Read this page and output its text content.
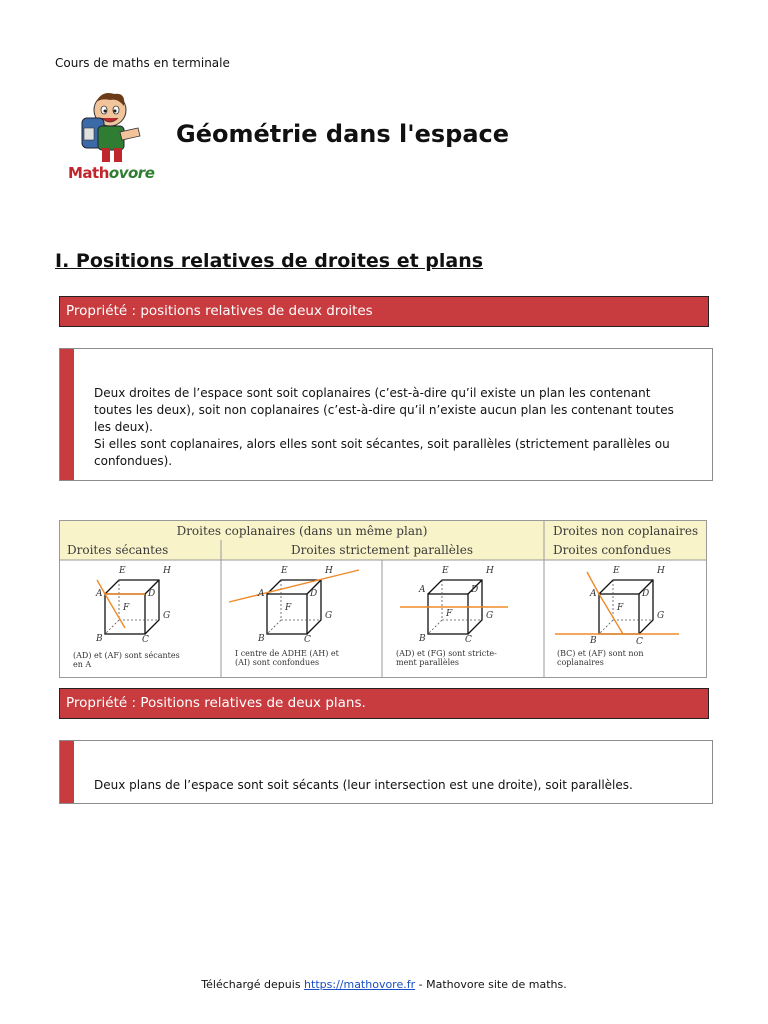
Cours de maths en terminale
Mathovore
Géométrie dans l'espace
I. Positions relatives de droites et plans
Propriété : positions relatives de deux droites
Deux droites de l’espace sont soit coplanaires (c’est-à-dire qu’il existe un plan les contenant toutes les deux), soit non coplanaires (c’est-à-dire qu’il n’existe aucun plan les contenant toutes les deux).
Si elles sont coplanaires, alors elles sont soit sécantes, soit parallèles (strictement parallèles ou confondues).
Droites coplanaires (dans un même plan)	Droites non coplanaires
Droites sécantes	Droites strictement parallèles	Droites confondues
E	H
A	D
F
G
B	C
(AD) et (AF) sont sécantes
en A
E	H
A	D
F
G
B	C
I centre de ADHE (AH) et
(AI) sont confondues
E	H
A	D
F	G
B	C
(AD) et (FG) sont stricte-
ment parallèles
E	H
A	D
F
G
B	C
(BC) et (AF) sont non
coplanaires
Propriété : Positions relatives de deux plans.
Deux plans de l’espace sont soit sécants (leur intersection est une droite), soit parallèles.
Téléchargé depuis https://mathovore.fr - Mathovore site de maths.
